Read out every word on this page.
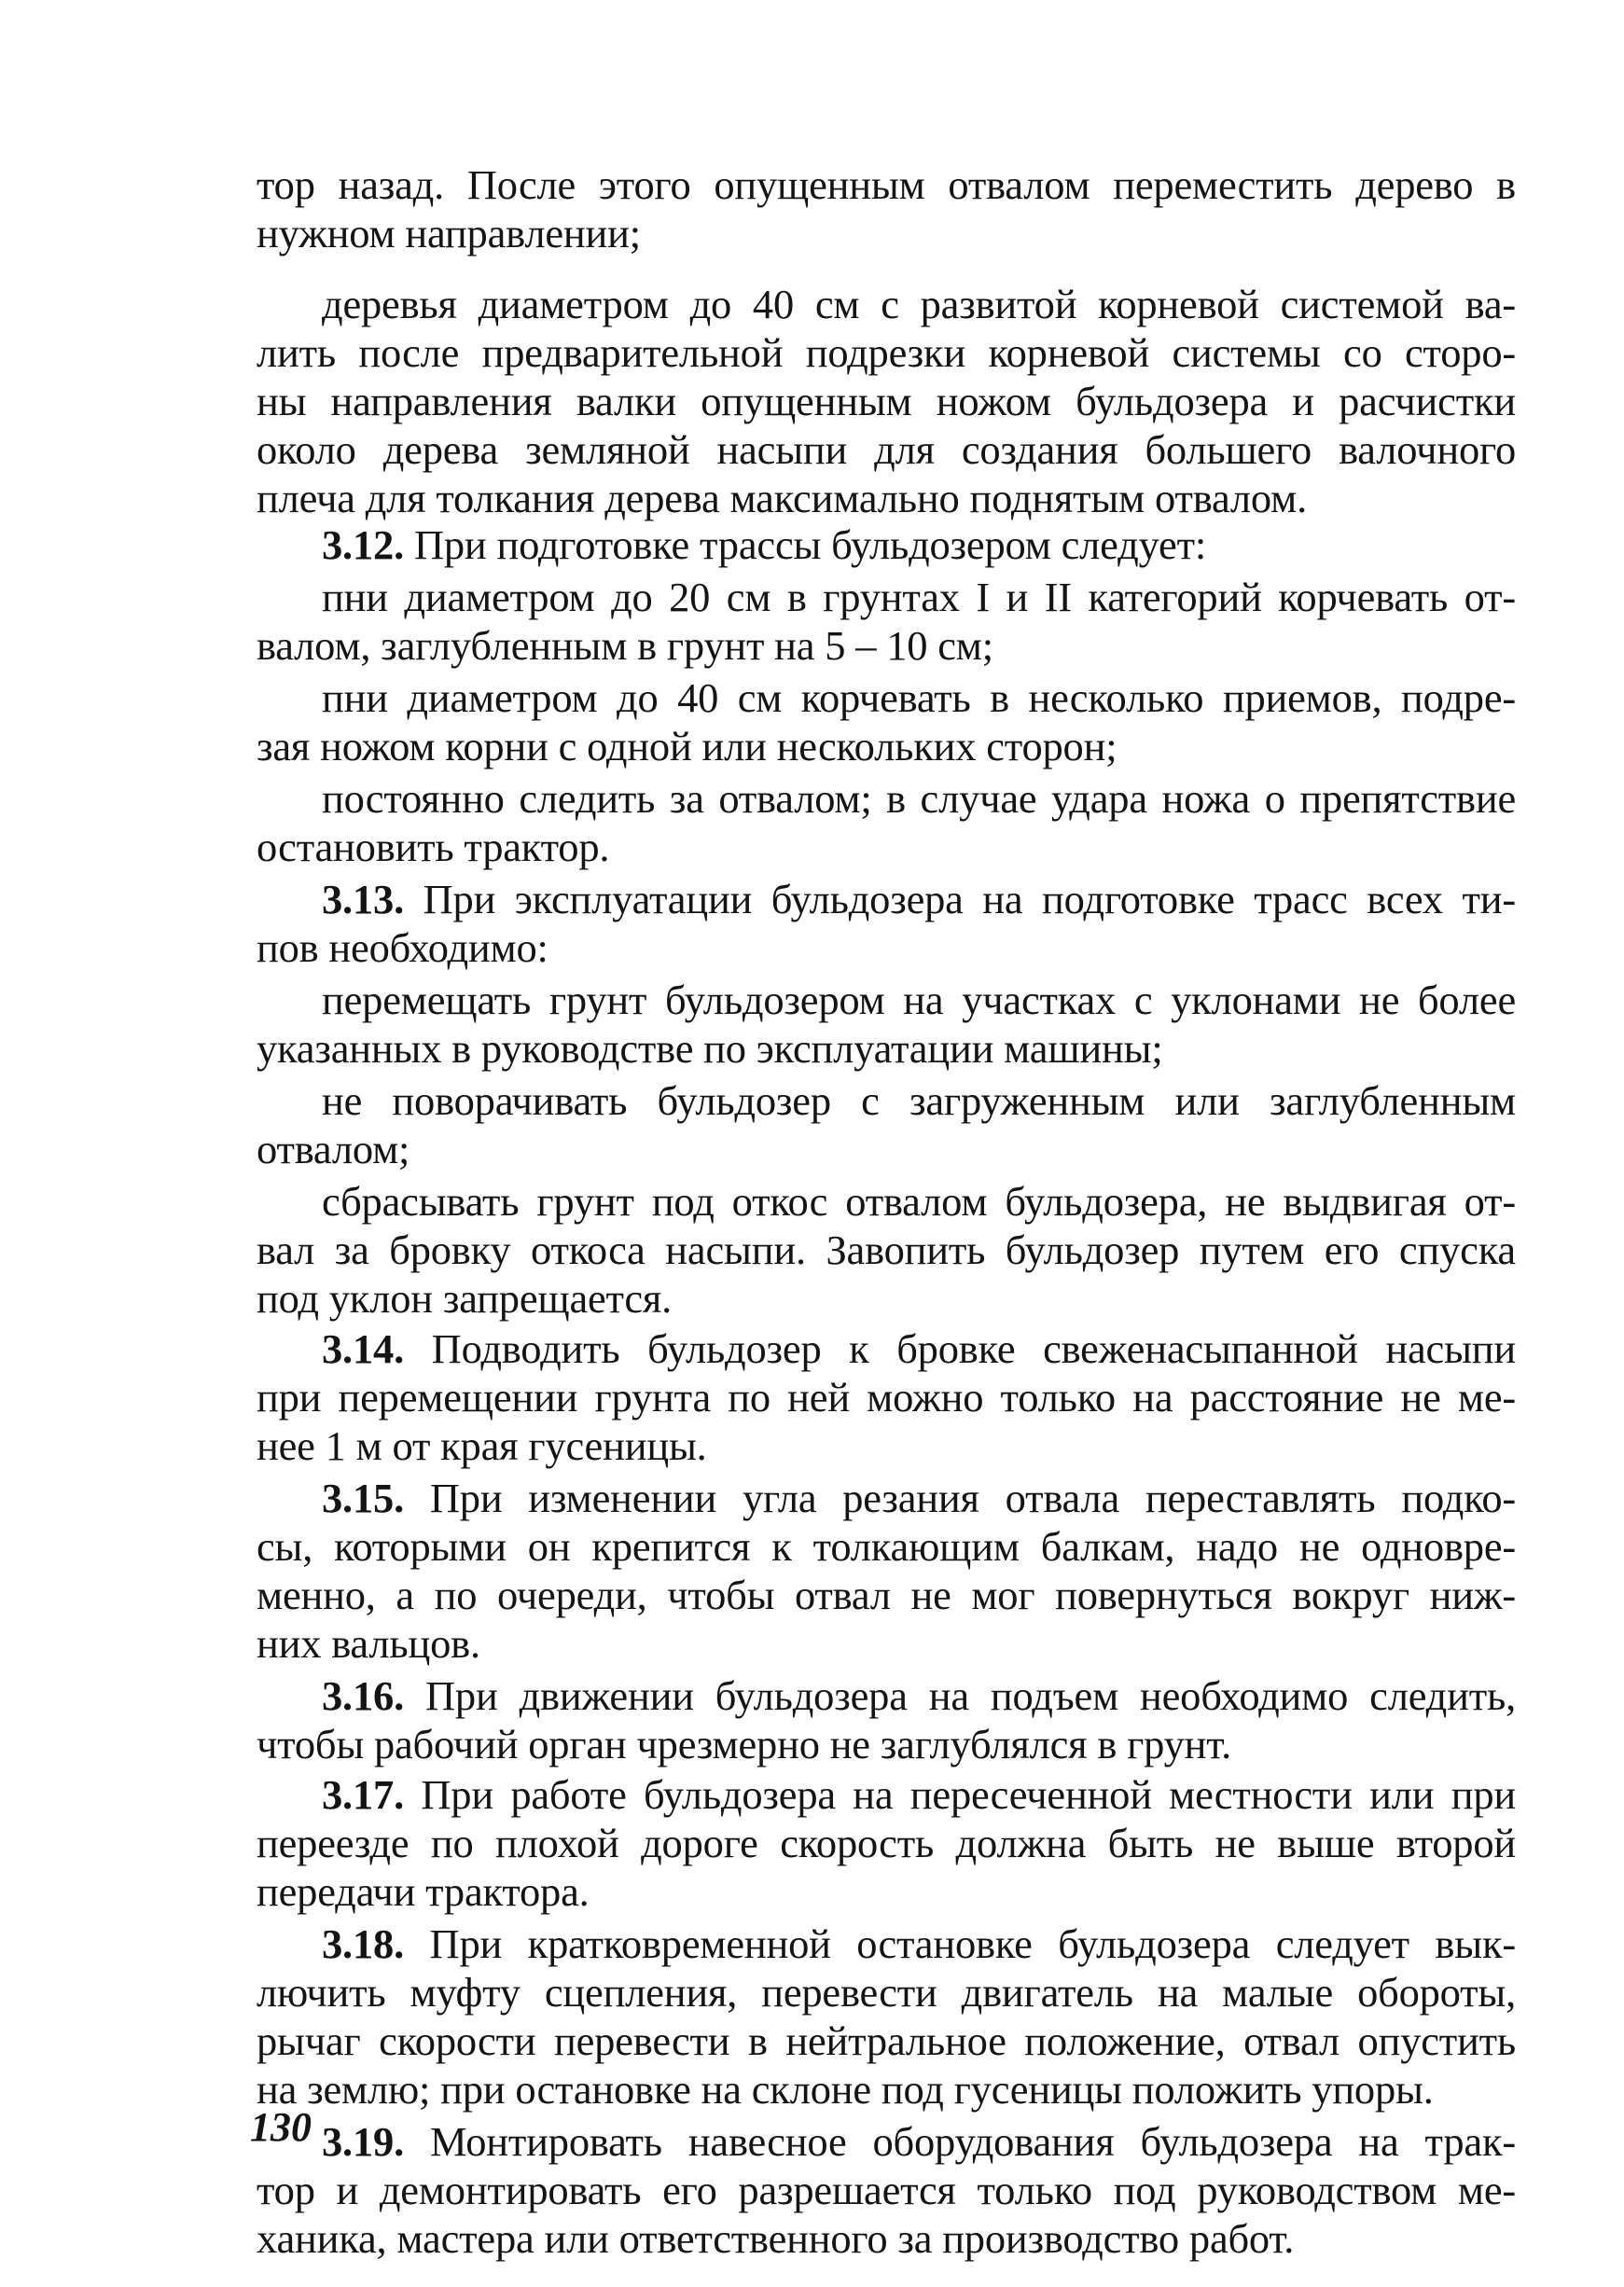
тор назад. После этого опущенным отвалом переместить дерево в
нужном направлении;
деревья диаметром до 40 см с развитой корневой системой ва-
лить после предварительной подрезки корневой системы со сторо-
ны направления валки опущенным ножом бульдозера и расчистки
около дерева земляной насыпи для создания большего валочного
плеча для толкания дерева максимально поднятым отвалом.
3.12. При подготовке трассы бульдозером следует:
пни диаметром до 20 см в грунтах I и II категорий корчевать от-
валом, заглубленным в грунт на 5 – 10 см;
пни диаметром до 40 см корчевать в несколько приемов, подре-
зая ножом корни с одной или нескольких сторон;
постоянно следить за отвалом; в случае удара ножа о препятствие
остановить трактор.
3.13. При эксплуатации бульдозера на подготовке трасс всех ти-
пов необходимо:
перемещать грунт бульдозером на участках с уклонами не более
указанных в руководстве по эксплуатации машины;
не поворачивать бульдозер с загруженным или заглубленным
отвалом;
сбрасывать грунт под откос отвалом бульдозера, не выдвигая от-
вал за бровку откоса насыпи. Завопить бульдозер путем его спуска
под уклон запрещается.
3.14. Подводить бульдозер к бровке свеженасыпанной насыпи
при перемещении грунта по ней можно только на расстояние не ме-
нее 1 м от края гусеницы.
3.15. При изменении угла резания отвала переставлять подко-
сы, которыми он крепится к толкающим балкам, надо не одновре-
менно, а по очереди, чтобы отвал не мог повернуться вокруг ниж-
них вальцов.
3.16. При движении бульдозера на подъем необходимо следить,
чтобы рабочий орган чрезмерно не заглублялся в грунт.
3.17. При работе бульдозера на пересеченной местности или при
переезде по плохой дороге скорость должна быть не выше второй
передачи трактора.
3.18. При кратковременной остановке бульдозера следует вык-
лючить муфту сцепления, перевести двигатель на малые обороты,
рычаг скорости перевести в нейтральное положение, отвал опустить
на землю; при остановке на склоне под гусеницы положить упоры.
3.19. Монтировать навесное оборудования бульдозера на трак-
тор и демонтировать его разрешается только под руководством ме-
ханика, мастера или ответственного за производство работ.
130
